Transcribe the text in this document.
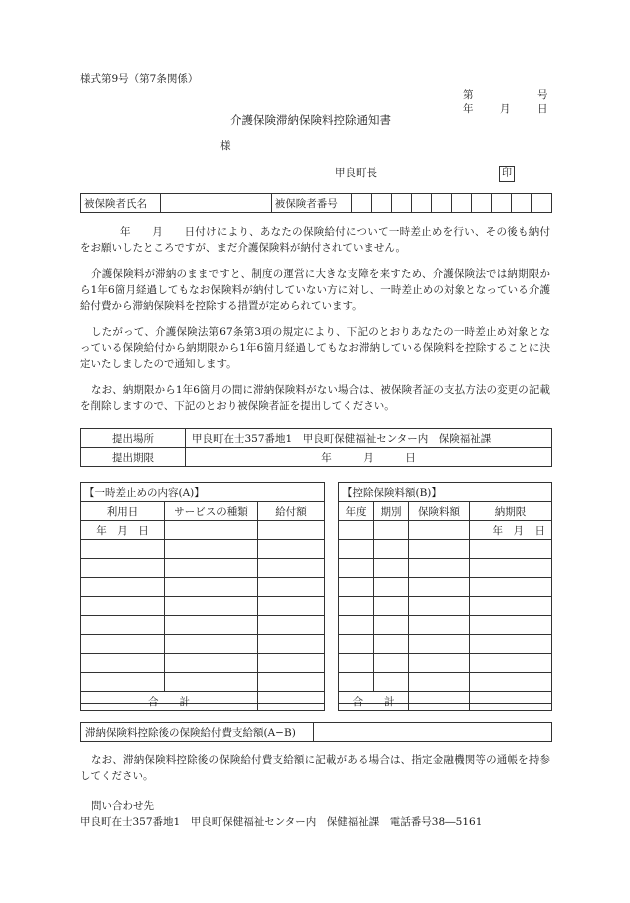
様式第9号（第7条関係）
第	号
年	月	日
介護保険滞納保険料控除通知書
様
甲良町長	印
被保険者氏名		被保険者番号										
年　　月　　日付けにより、あなたの保険給付について一時差止めを行い、その後も納付をお願いしたところですが、まだ介護保険料が納付されていません。
介護保険料が滞納のままですと、制度の運営に大きな支障を来すため、介護保険法では納期限から1年6箇月経過してもなお保険料が納付していない方に対し、一時差止めの対象となっている介護給付費から滞納保険料を控除する措置が定められています。
したがって、介護保険法第67条第3項の規定により、下記のとおりあなたの一時差止め対象となっている保険給付から納期限から1年6箇月経過してもなお滞納している保険料を控除することに決定いたしましたので通知します。
なお、納期限から1年6箇月の間に滞納保険料がない場合は、被保険者証の支払方法の変更の記載を削除しますので、下記のとおり被保険者証を提出してください。
提出場所	甲良町在士357番地1　甲良町保健福祉センター内　保険福祉課
提出期限	年　　　月　　　日
【一時差止めの内容(A)】
利用日	サービスの種類	給付額
年　月　日		

合　　計		
【控除保険料額(B)】
年度	期別	保険料額	納期限
			年　月　日

合　　計			
滞納保険料控除後の保険給付費支給額(A−B)	
なお、滞納保険料控除後の保険給付費支給額に記載がある場合は、指定金融機関等の通帳を持参してください。
問い合わせ先
甲良町在士357番地1　甲良町保健福祉センター内　保健福祉課　電話番号38―5161
